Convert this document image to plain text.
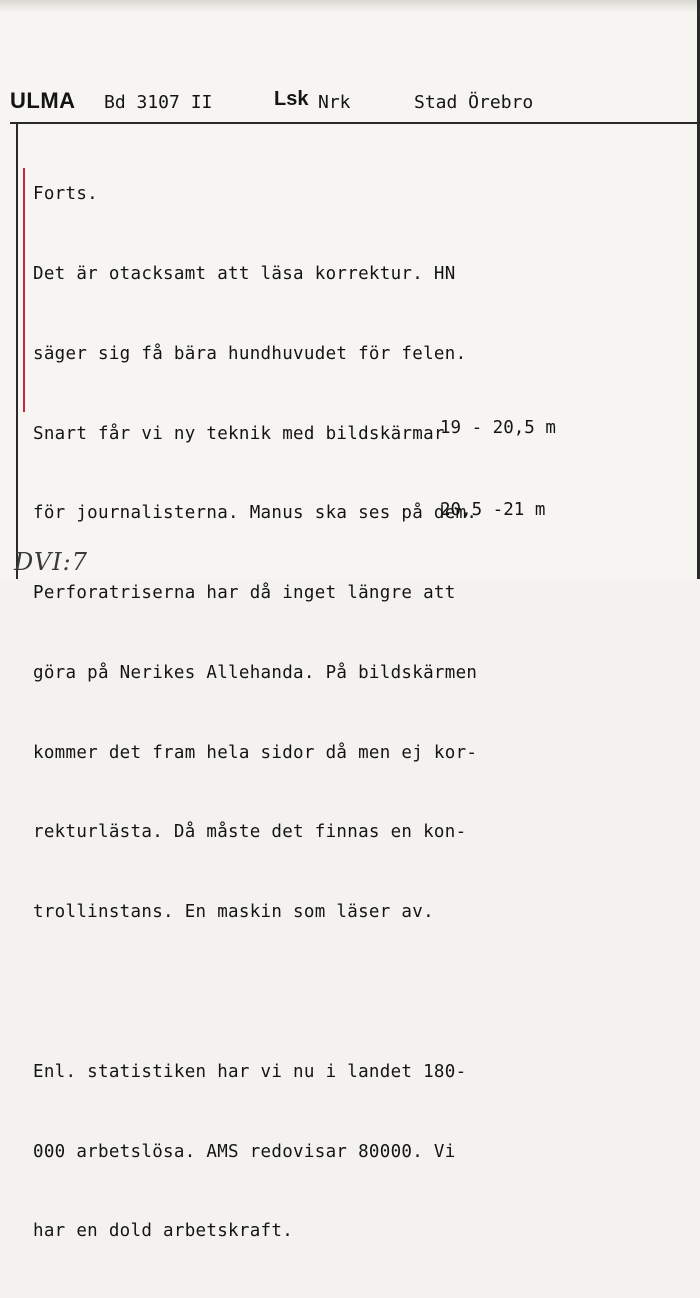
ULMA Bd 3107 II	Lsk Nrk	Stad Örebro

Forts.

Det är otacksamt att läsa korrektur. HN

säger sig få bära hundhuvudet för felen.

Snart får vi ny teknik med bildskärmar

för journalisterna. Manus ska ses på dem.

Perforatriserna har då inget längre att

göra på Nerikes Allehanda. På bildskärmen

kommer det fram hela sidor då men ej kor-

rekturlästa. Då måste det finnas en kon-

trollinstans. En maskin som läser av.

Enl. statistiken har vi nu i landet 180-

000 arbetslösa. AMS redovisar 80000. Vi

har en dold arbetskraft.

19 - 20,5 m
20,5 -21 m
DVI:7
